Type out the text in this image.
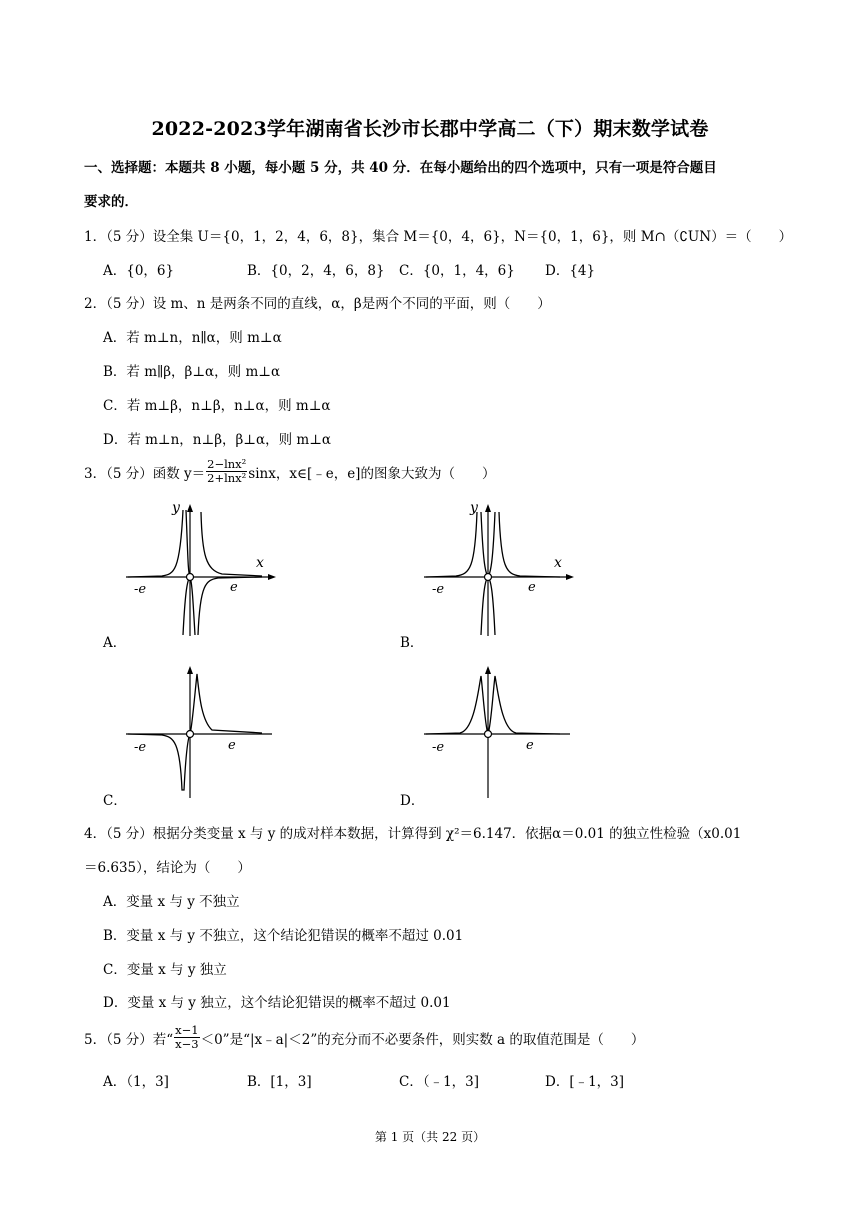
2022-2023学年湖南省长沙市长郡中学高二（下）期末数学试卷
一、选择题：本题共 8 小题，每小题 5 分，共 40 分．在每小题给出的四个选项中，只有一项是符合题目
要求的．
1．（5 分）设全集 U＝{0，1，2，4，6，8}，集合 M＝{0，4，6}，N＝{0，1，6}，则 M∩（∁UN）＝（　　）
A．{0，6}	B．{0，2，4，6，8} C．{0，1，4，6} D．{4}
2．（5 分）设 m、n 是两条不同的直线，α，β是两个不同的平面，则（　　）
A．若 m⊥n，n∥α，则 m⊥α
B．若 m∥β，β⊥α，则 m⊥α
C．若 m⊥β，n⊥β，n⊥α，则 m⊥α
D．若 m⊥n，n⊥β，β⊥α，则 m⊥α
3．（5 分）函数 $y= \frac{\text{2−lnx²}}{\text{2+lnx²}}$ sinx，x∈[﹣e，e]的图象大致为（　　）
y
x
-e	e
A．
y
x
-e	e
B．
-e	e
C．
-e	e
D．
4．（5 分）根据分类变量 x 与 y 的成对样本数据，计算得到 χ²＝6.147．依据α＝0.01 的独立性检验（x0.01
＝6.635），结论为（　　）
A．变量 x 与 y 不独立
B．变量 x 与 y 不独立，这个结论犯错误的概率不超过 0.01
C．变量 x 与 y 独立
D．变量 x 与 y 独立，这个结论犯错误的概率不超过 0.01
5．（5 分）若“ $\frac{x-1}{x-3} <0$”是“|x﹣a|＜2”的充分而不必要条件，则实数 a 的取值范围是（　　）
A．（1，3]	B．[1，3]	C．（﹣1，3]	D．[﹣1，3]
第 1 页（共 22 页）
